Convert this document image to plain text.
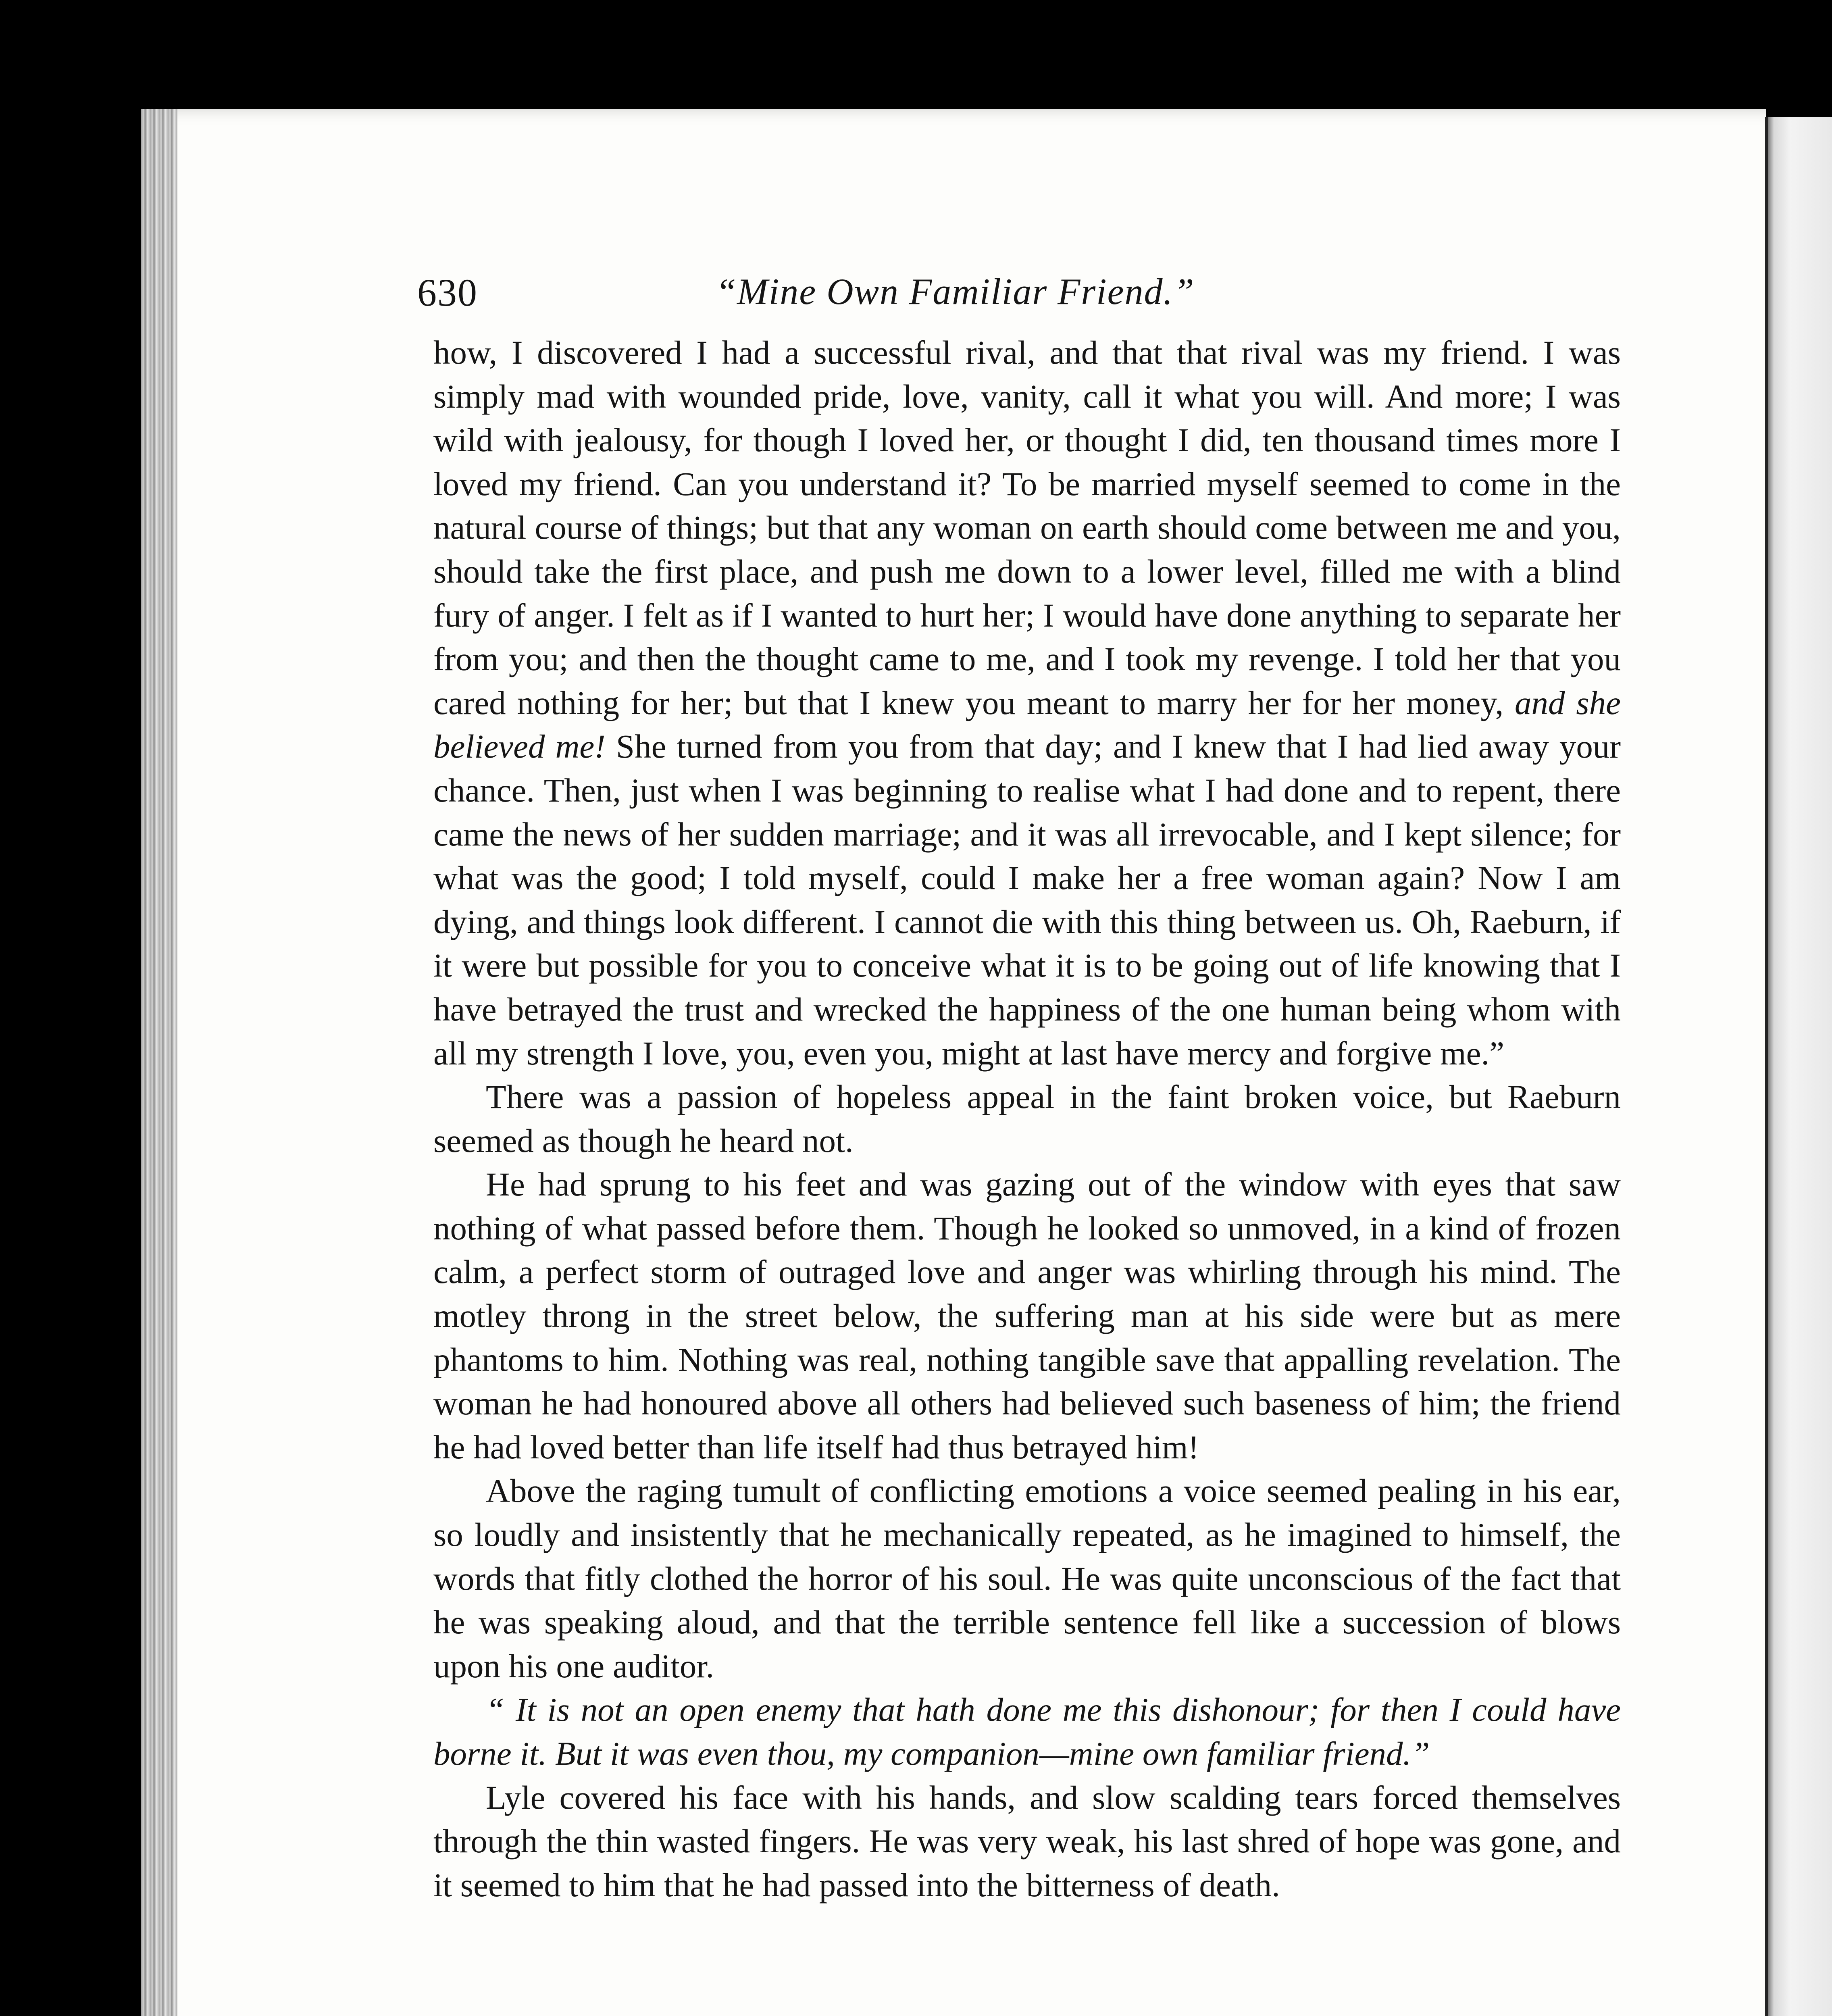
630	“Mine Own Familiar Friend.”

how, I discovered I had a successful rival, and that that rival was my friend. I was simply mad with wounded pride, love, vanity, call it what you will. And more; I was wild with jealousy, for though I loved her, or thought I did, ten thousand times more I loved my friend. Can you understand it? To be married myself seemed to come in the natural course of things; but that any woman on earth should come between me and you, should take the first place, and push me down to a lower level, filled me with a blind fury of anger. I felt as if I wanted to hurt her; I would have done anything to separate her from you; and then the thought came to me, and I took my revenge. I told her that you cared nothing for her; but that I knew you meant to marry her for her money, and she believed me! She turned from you from that day; and I knew that I had lied away your chance. Then, just when I was beginning to realise what I had done and to repent, there came the news of her sudden marriage; and it was all irrevocable, and I kept silence; for what was the good; I told myself, could I make her a free woman again? Now I am dying, and things look different. I cannot die with this thing between us. Oh, Raeburn, if it were but possible for you to conceive what it is to be going out of life knowing that I have betrayed the trust and wrecked the happiness of the one human being whom with all my strength I love, you, even you, might at last have mercy and forgive me.”

There was a passion of hopeless appeal in the faint broken voice, but Raeburn seemed as though he heard not.

He had sprung to his feet and was gazing out of the window with eyes that saw nothing of what passed before them. Though he looked so unmoved, in a kind of frozen calm, a perfect storm of outraged love and anger was whirling through his mind. The motley throng in the street below, the suffering man at his side were but as mere phantoms to him. Nothing was real, nothing tangible save that appalling revelation. The woman he had honoured above all others had believed such baseness of him; the friend he had loved better than life itself had thus betrayed him!

Above the raging tumult of conflicting emotions a voice seemed pealing in his ear, so loudly and insistently that he mechanically repeated, as he imagined to himself, the words that fitly clothed the horror of his soul. He was quite unconscious of the fact that he was speaking aloud, and that the terrible sentence fell like a succession of blows upon his one auditor.

“ It is not an open enemy that hath done me this dishonour; for then I could have borne it. But it was even thou, my companion—mine own familiar friend.”

Lyle covered his face with his hands, and slow scalding tears forced themselves through the thin wasted fingers. He was very weak, his last shred of hope was gone, and it seemed to him that he had passed into the bitterness of death.
